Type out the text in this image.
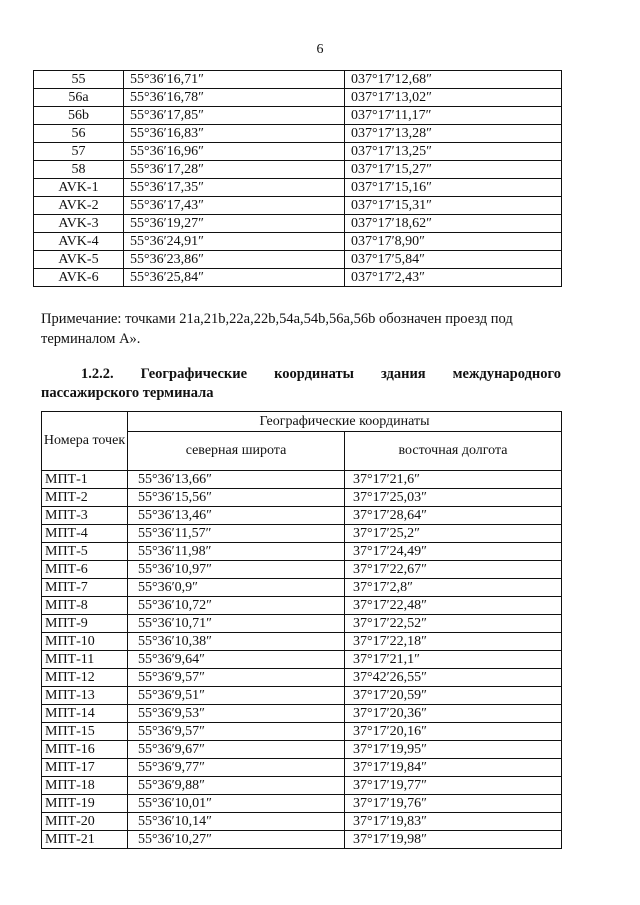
6
55	55°36′16,71″	037°17′12,68″
56a	55°36′16,78″	037°17′13,02″
56b	55°36′17,85″	037°17′11,17″
56	55°36′16,83″	037°17′13,28″
57	55°36′16,96″	037°17′13,25″
58	55°36′17,28″	037°17′15,27″
AVK-1	55°36′17,35″	037°17′15,16″
AVK-2	55°36′17,43″	037°17′15,31″
AVK-3	55°36′19,27″	037°17′18,62″
AVK-4	55°36′24,91″	037°17′8,90″
AVK-5	55°36′23,86″	037°17′5,84″
AVK-6	55°36′25,84″	037°17′2,43″
Примечание: точками 21a,21b,22a,22b,54a,54b,56a,56b обозначен проезд под терминалом А».
1.2.2. Географические координаты здания международного
пассажирского терминала
Номера точек	Географические координаты	
	северная широта	восточная долгота
МПТ-1	55°36′13,66″	37°17′21,6″
МПТ-2	55°36′15,56″	37°17′25,03″
МПТ-3	55°36′13,46″	37°17′28,64″
МПТ-4	55°36′11,57″	37°17′25,2″
МПТ-5	55°36′11,98″	37°17′24,49″
МПТ-6	55°36′10,97″	37°17′22,67″
МПТ-7	55°36′0,9″	37°17′2,8″
МПТ-8	55°36′10,72″	37°17′22,48″
МПТ-9	55°36′10,71″	37°17′22,52″
МПТ-10	55°36′10,38″	37°17′22,18″
МПТ-11	55°36′9,64″	37°17′21,1″
МПТ-12	55°36′9,57″	37°42′26,55″
МПТ-13	55°36′9,51″	37°17′20,59″
МПТ-14	55°36′9,53″	37°17′20,36″
МПТ-15	55°36′9,57″	37°17′20,16″
МПТ-16	55°36′9,67″	37°17′19,95″
МПТ-17	55°36′9,77″	37°17′19,84″
МПТ-18	55°36′9,88″	37°17′19,77″
МПТ-19	55°36′10,01″	37°17′19,76″
МПТ-20	55°36′10,14″	37°17′19,83″
МПТ-21	55°36′10,27″	37°17′19,98″
